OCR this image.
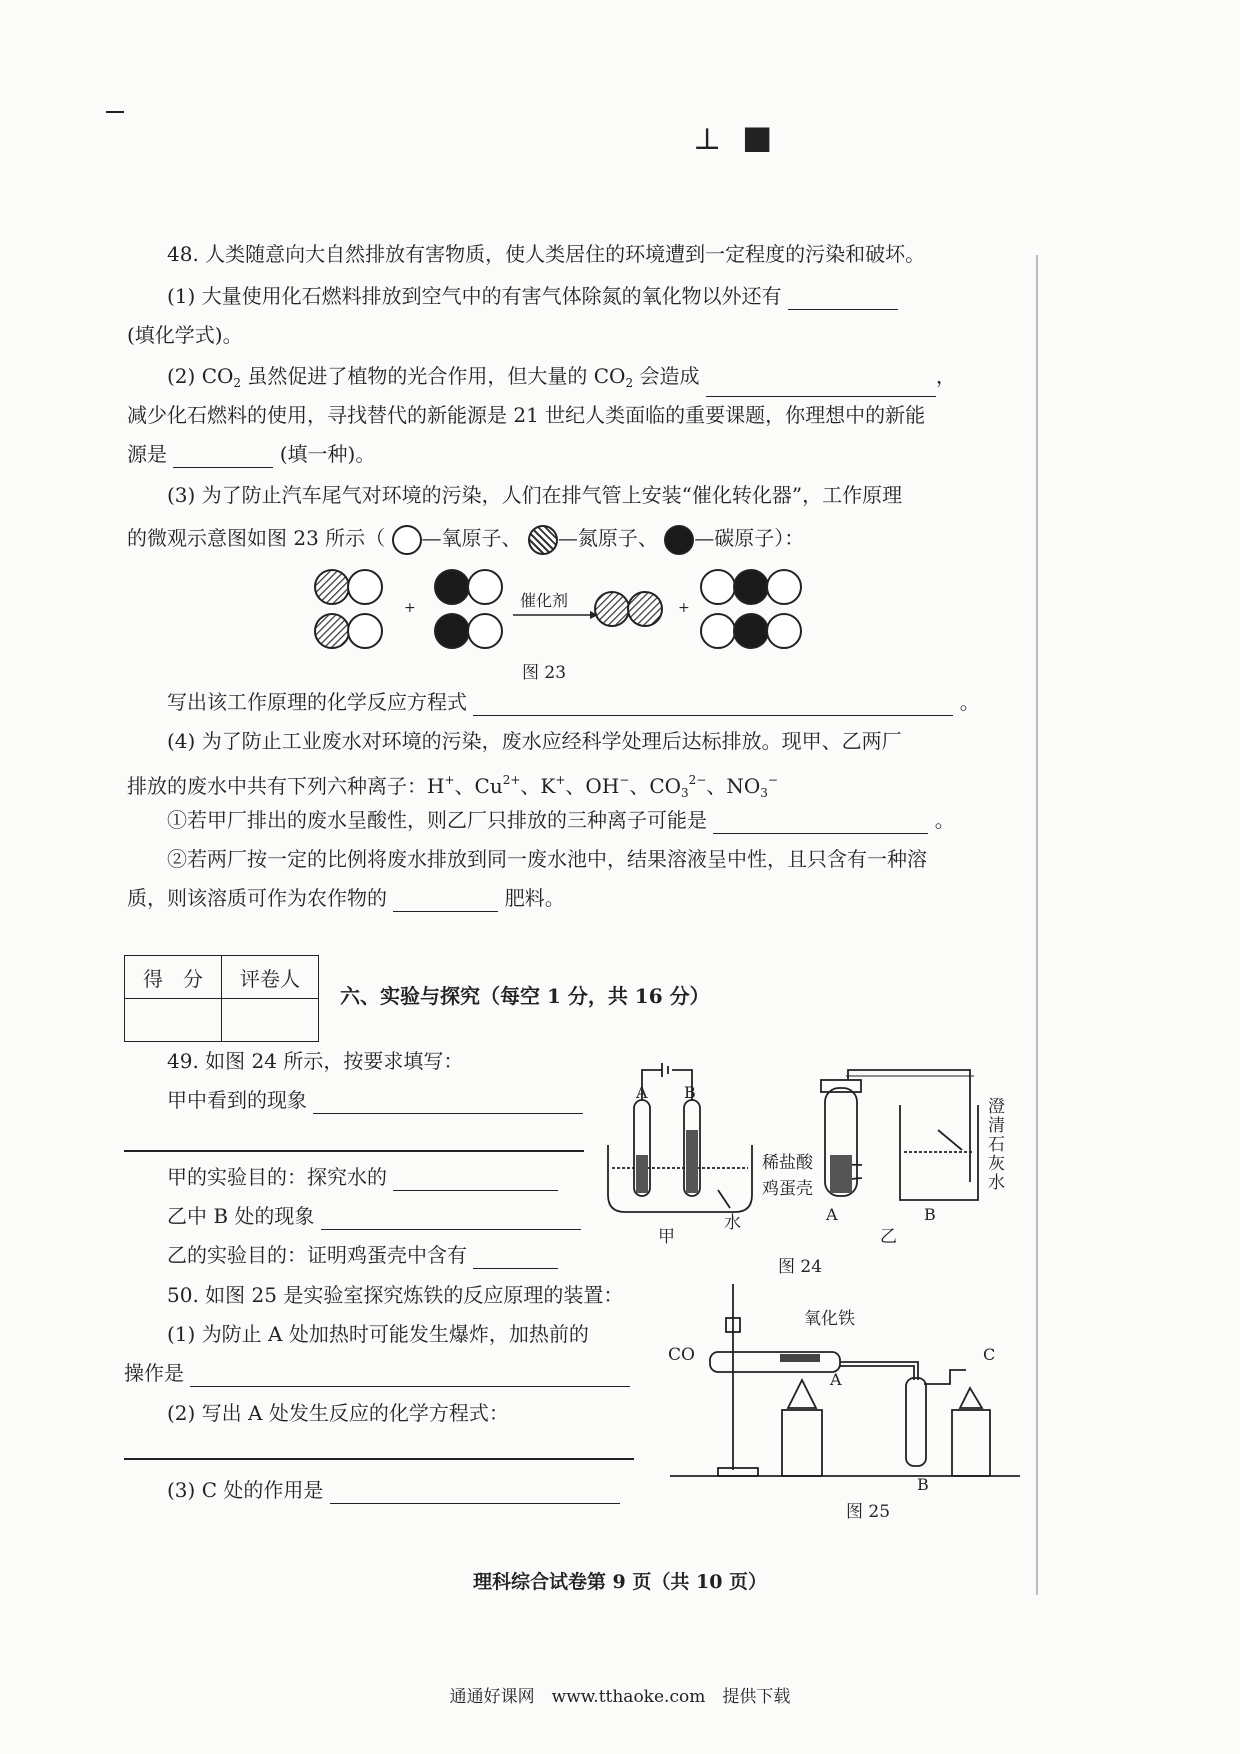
⊥ ■
48. 人类随意向大自然排放有害物质，使人类居住的环境遭到一定程度的污染和破坏。
(1) 大量使用化石燃料排放到空气中的有害气体除氮的氧化物以外还有
(填化学式)。
(2) $CO_2$ 虽然促进了植物的光合作用，但大量的 $CO_2$ 会造成	，
减少化石燃料的使用，寻找替代的新能源是 21 世纪人类面临的重要课题，你理想中的新能
源是	(填一种)。
(3) 为了防止汽车尾气对环境的污染，人们在排气管上安装“催化转化器”，工作原理
的微观示意图如图 23 所示（ —氧原子、 —氮原子、 —碳原子）：
+	+
催化剂
图 23
写出该工作原理的化学反应方程式	。
(4) 为了防止工业废水对环境的污染，废水应经科学处理后达标排放。现甲、乙两厂
排放的废水中共有下列六种离子：H+、$Cu^{2+}$、K+、OH−、$CO_3^{2-}$、$NO_3^-$
①若甲厂排出的废水呈酸性，则乙厂只排放的三种离子可能是	。
②若两厂按一定的比例将废水排放到同一废水池中，结果溶液呈中性，且只含有一种溶
质，则该溶质可作为农作物的	肥料。
得　分	评卷人

六、实验与探究（每空 1 分，共 16 分）
49. 如图 24 所示，按要求填写：
甲中看到的现象
甲的实验目的：探究水的
乙中 B 处的现象
乙的实验目的：证明鸡蛋壳中含有
A B
水
甲
稀盐酸
鸡蛋壳
A
乙
B
澄
清
石
灰
水
图 24
50. 如图 25 是实验室探究炼铁的反应原理的装置：
(1) 为防止 A 处加热时可能发生爆炸，加热前的
操作是
(2) 写出 A 处发生反应的化学方程式：
(3) C 处的作用是
CO
氧化铁
A
B
C
图 25
理科综合试卷第 9 页（共 10 页）
通通好课网　www.tthaoke.com　提供下载
